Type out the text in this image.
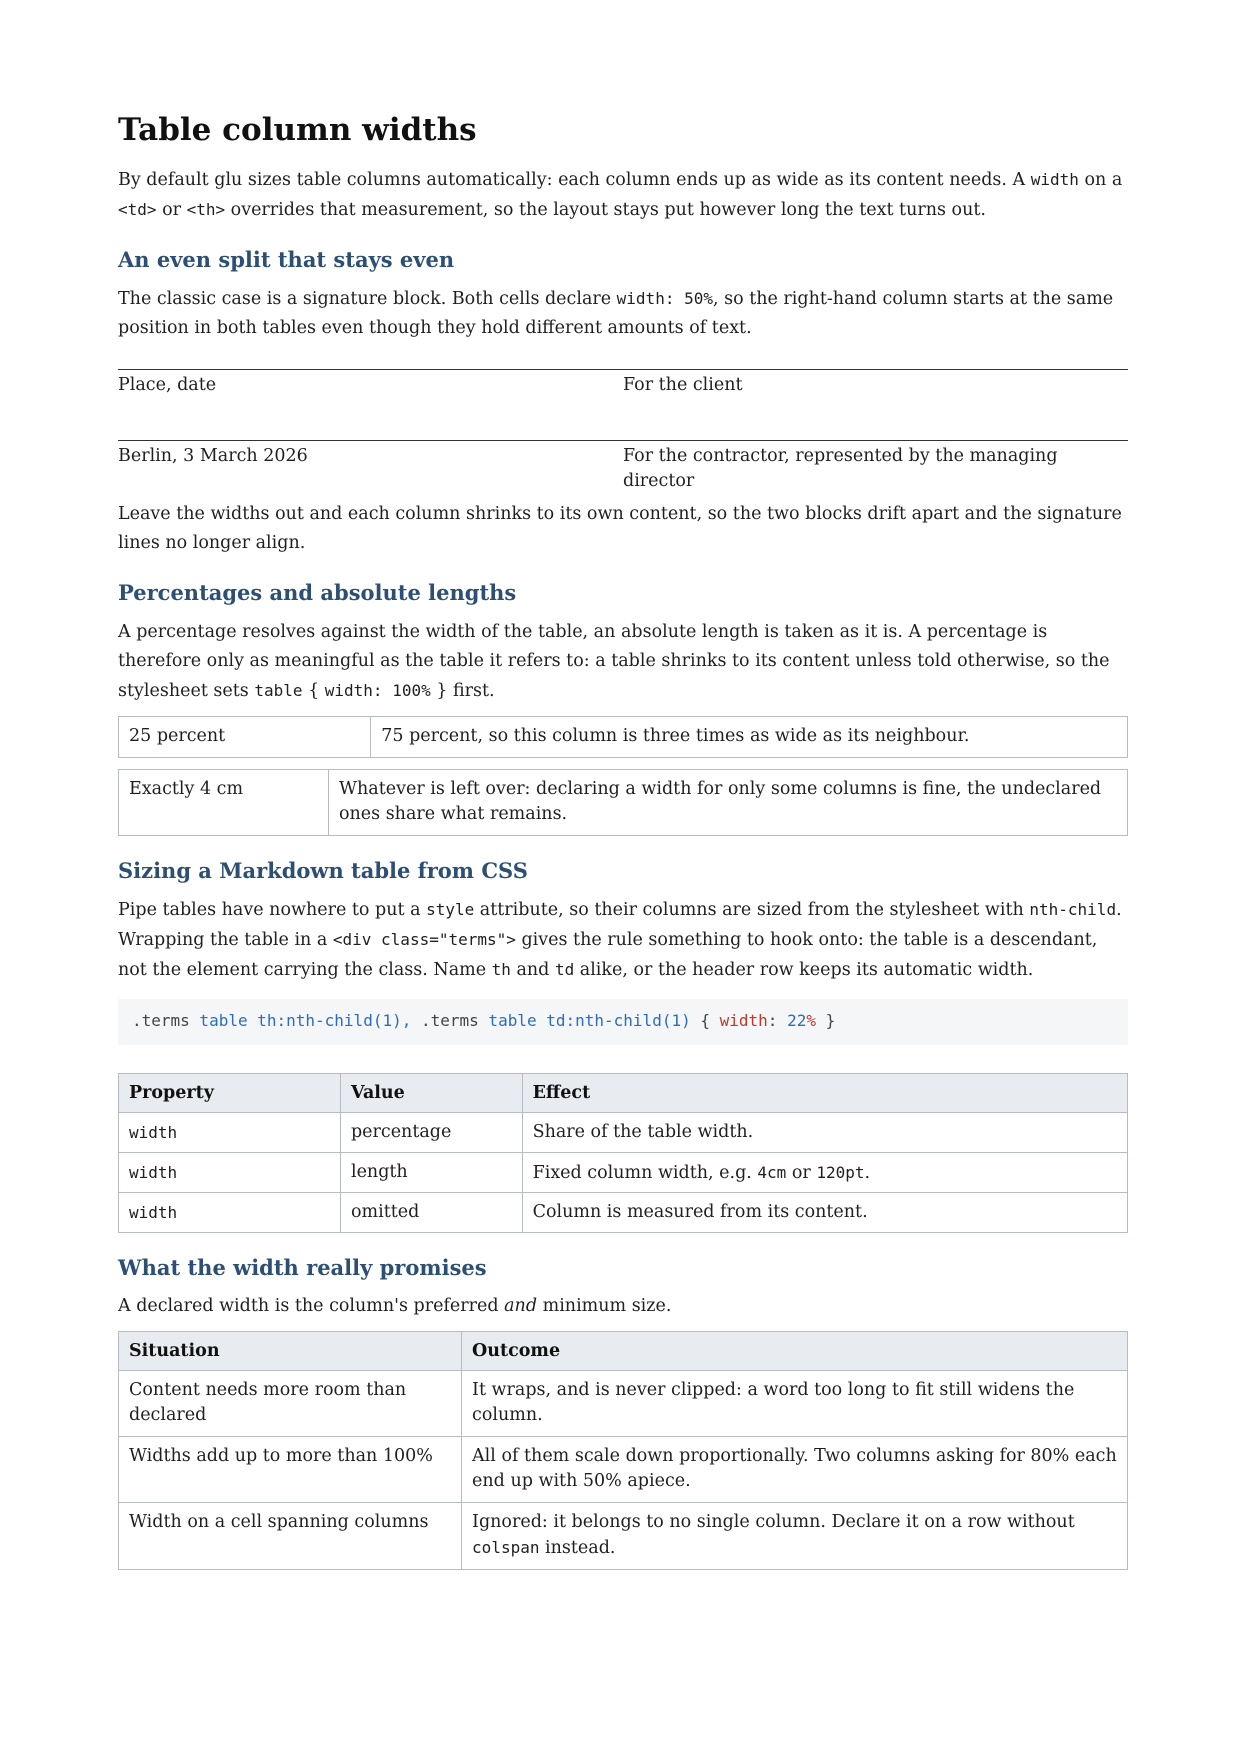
Table column widths

By default glu sizes table columns automatically: each column ends up as wide as its content needs. A width on a <td> or <th> overrides that measurement, so the layout stays put however long the text turns out.

An even split that stays even

The classic case is a signature block. Both cells declare width: 50%, so the right-hand column starts at the same position in both tables even though they hold different amounts of text.

Place, date	For the client
Berlin, 3 March 2026	For the contractor, represented by the managing director

Leave the widths out and each column shrinks to its own content, so the two blocks drift apart and the signature lines no longer align.

Percentages and absolute lengths

A percentage resolves against the width of the table, an absolute length is taken as it is. A percentage is therefore only as meaningful as the table it refers to: a table shrinks to its content unless told otherwise, so the stylesheet sets table { width: 100% } first.

25 percent	75 percent, so this column is three times as wide as its neighbour.
Exactly 4 cm	Whatever is left over: declaring a width for only some columns is fine, the undeclared ones share what remains.
Sizing a Markdown table from CSS

Pipe tables have nowhere to put a style attribute, so their columns are sized from the stylesheet with nth-child. Wrapping the table in a <div class="terms"> gives the rule something to hook onto: the table is a descendant, not the element carrying the class. Name th and td alike, or the header row keeps its automatic width.

.terms table th:nth-child(1), .terms table td:nth-child(1) { width: 22% }
Property	Value	Effect
width	percentage	Share of the table width.
width	length	Fixed column width, e.g. 4cm or 120pt.
width	omitted	Column is measured from its content.
What the width really promises

A declared width is the column's preferred and minimum size.

Situation	Outcome
Content needs more room than declared	It wraps, and is never clipped: a word too long to fit still widens the column.
Widths add up to more than 100%	All of them scale down proportionally. Two columns asking for 80% each end up with 50% apiece.
Width on a cell spanning columns	Ignored: it belongs to no single column. Declare it on a row without colspan instead.
